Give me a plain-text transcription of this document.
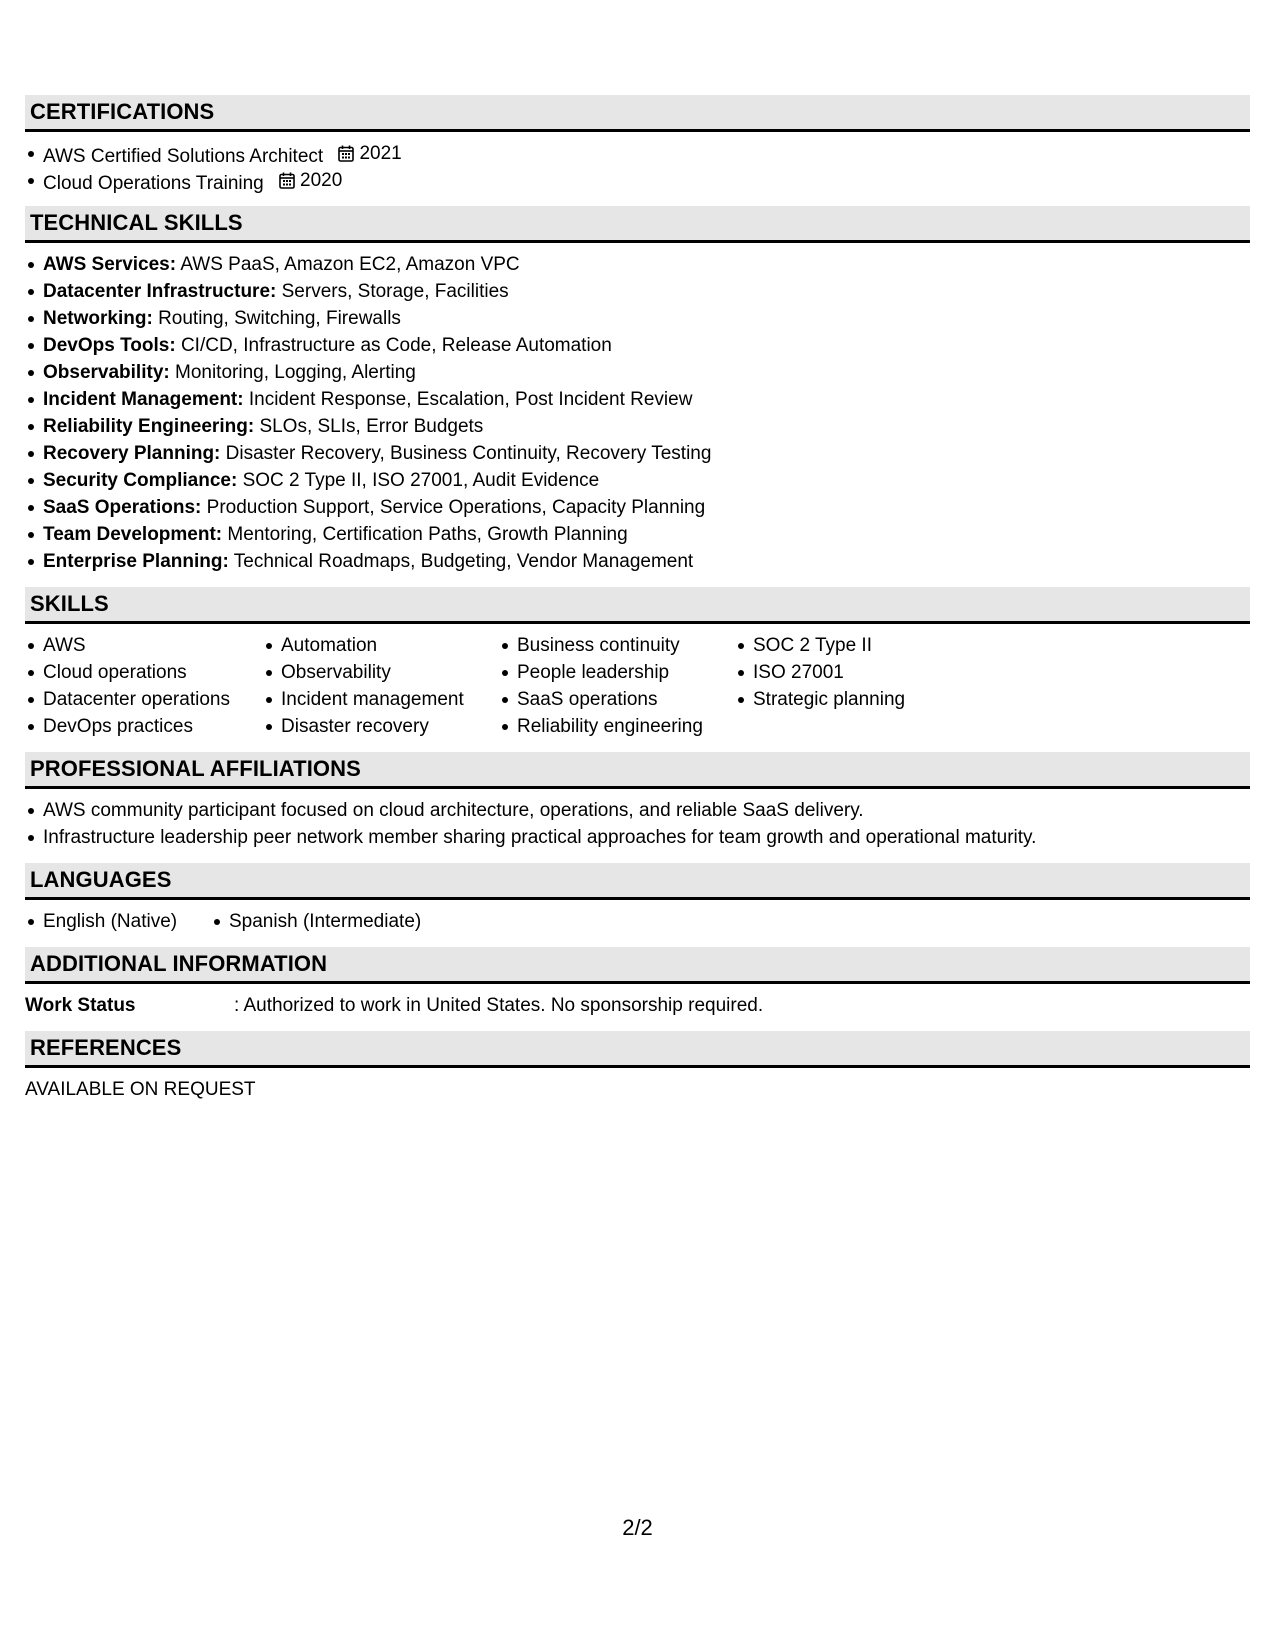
CERTIFICATIONS
AWS Certified Solutions Architect 2021
Cloud Operations Training 2020
TECHNICAL SKILLS
AWS Services: AWS PaaS, Amazon EC2, Amazon VPC
Datacenter Infrastructure: Servers, Storage, Facilities
Networking: Routing, Switching, Firewalls
DevOps Tools: CI/CD, Infrastructure as Code, Release Automation
Observability: Monitoring, Logging, Alerting
Incident Management: Incident Response, Escalation, Post Incident Review
Reliability Engineering: SLOs, SLIs, Error Budgets
Recovery Planning: Disaster Recovery, Business Continuity, Recovery Testing
Security Compliance: SOC 2 Type II, ISO 27001, Audit Evidence
SaaS Operations: Production Support, Service Operations, Capacity Planning
Team Development: Mentoring, Certification Paths, Growth Planning
Enterprise Planning: Technical Roadmaps, Budgeting, Vendor Management
SKILLS
AWS
Cloud operations
Datacenter operations
DevOps practices
Automation
Observability
Incident management
Disaster recovery
Business continuity
People leadership
SaaS operations
Reliability engineering
SOC 2 Type II
ISO 27001
Strategic planning
PROFESSIONAL AFFILIATIONS
AWS community participant focused on cloud architecture, operations, and reliable SaaS delivery.
Infrastructure leadership peer network member sharing practical approaches for team growth and operational maturity.
LANGUAGES
English (Native)	Spanish (Intermediate)
ADDITIONAL INFORMATION
Work Status	: Authorized to work in United States. No sponsorship required.
REFERENCES
AVAILABLE ON REQUEST
2/2
